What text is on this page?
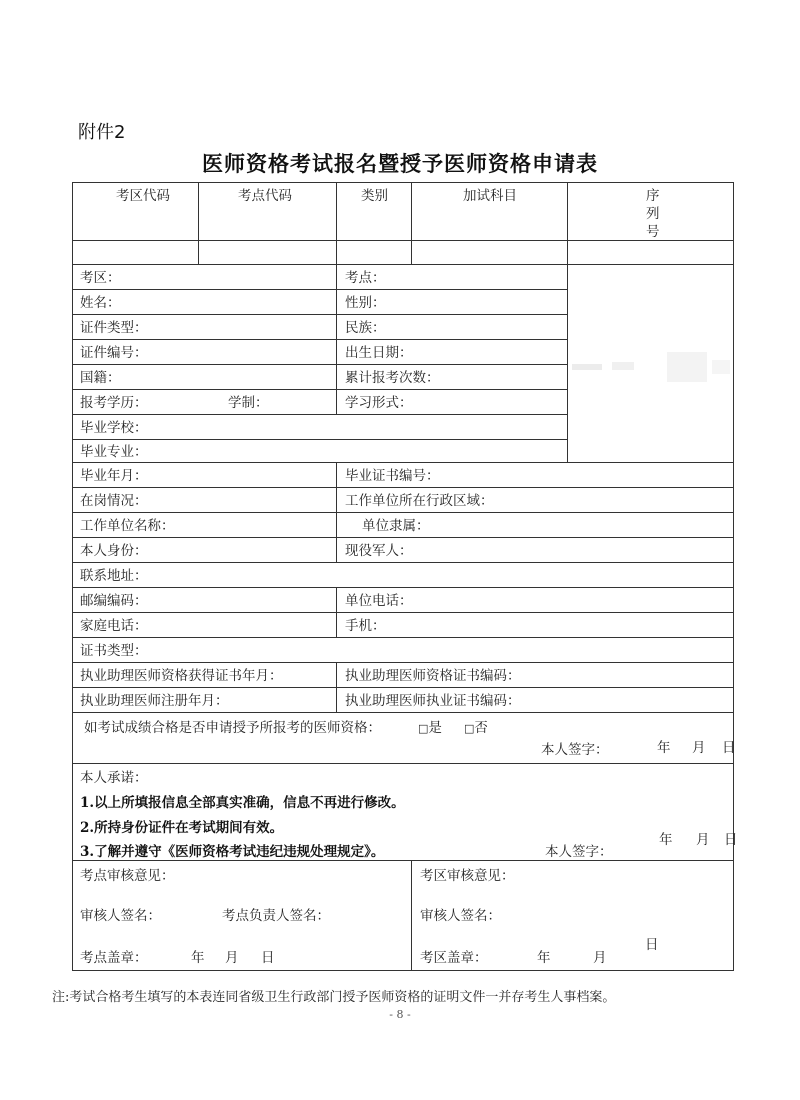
附件2
医师资格考试报名暨授予医师资格申请表
考区代码	考点代码	类别	加试科目	序
列
号
考区：	考点：
姓名：	性别：
证件类型：	民族：
证件编号：	出生日期：
国籍：	累计报考次数：
报考学历：	学制：	学习形式：
毕业学校：
毕业专业：
毕业年月：	毕业证书编号：
在岗情况：	工作单位所在行政区域：
工作单位名称：	单位隶属：
本人身份：	现役军人：
联系地址：
邮编编码：	单位电话：
家庭电话：	手机：
证书类型：
执业助理医师资格获得证书年月：	执业助理医师资格证书编码：
执业助理医师注册年月：	执业助理医师执业证书编码：
如考试成绩合格是否申请授予所报考的医师资格：	□是 □否
本人签字：	年 月 日
本人承诺：
1.以上所填报信息全部真实准确，信息不再进行修改。
2.所持身份证件在考试期间有效。
3.了解并遵守《医师资格考试违纪违规处理规定》。	本人签字：
年 月 日
考点审核意见：
审核人签名：	考点负责人签名：
考点盖章：	年 月 日
考区审核意见：
审核人签名：
考区盖章：	年	月
日
注:考试合格考生填写的本表连同省级卫生行政部门授予医师资格的证明文件一并存考生人事档案。
- 8 -
